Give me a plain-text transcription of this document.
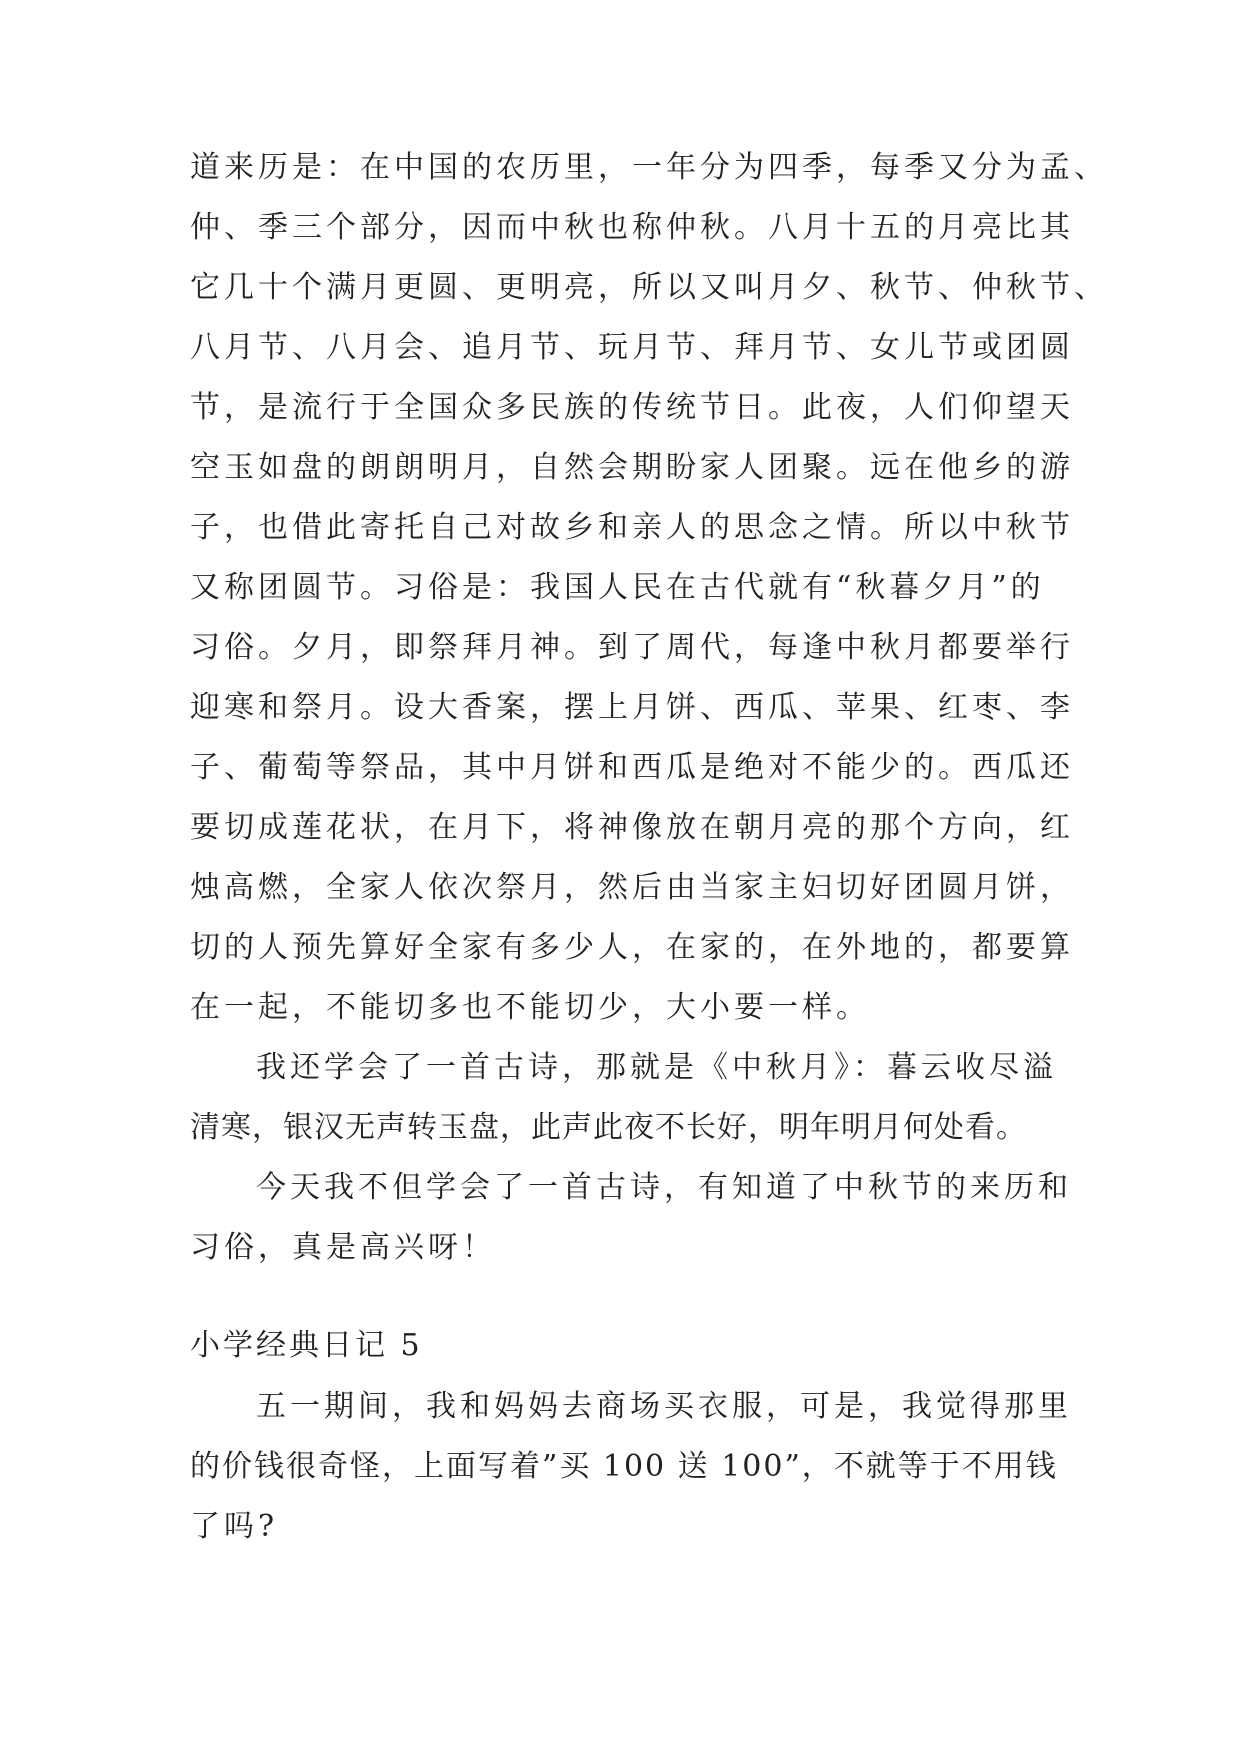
道来历是：在中国的农历里，一年分为四季，每季又分为孟、
仲、季三个部分，因而中秋也称仲秋。八月十五的月亮比其
它几十个满月更圆、更明亮，所以又叫月夕、秋节、仲秋节、
八月节、八月会、追月节、玩月节、拜月节、女儿节或团圆
节，是流行于全国众多民族的传统节日。此夜，人们仰望天
空玉如盘的朗朗明月，自然会期盼家人团聚。远在他乡的游
子，也借此寄托自己对故乡和亲人的思念之情。所以中秋节
又称团圆节。习俗是：我国人民在古代就有“秋暮夕月”的
习俗。夕月，即祭拜月神。到了周代，每逢中秋月都要举行
迎寒和祭月。设大香案，摆上月饼、西瓜、苹果、红枣、李
子、葡萄等祭品，其中月饼和西瓜是绝对不能少的。西瓜还
要切成莲花状，在月下，将神像放在朝月亮的那个方向，红
烛高燃，全家人依次祭月，然后由当家主妇切好团圆月饼，
切的人预先算好全家有多少人，在家的，在外地的，都要算
在一起，不能切多也不能切少，大小要一样。
我还学会了一首古诗，那就是《中秋月》：暮云收尽溢
清寒，银汉无声转玉盘，此声此夜不长好，明年明月何处看。
今天我不但学会了一首古诗，有知道了中秋节的来历和
习俗，真是高兴呀！
小学经典日记 5
五一期间，我和妈妈去商场买衣服，可是，我觉得那里
的价钱很奇怪，上面写着”买 100 送 100”，不就等于不用钱
了吗?
